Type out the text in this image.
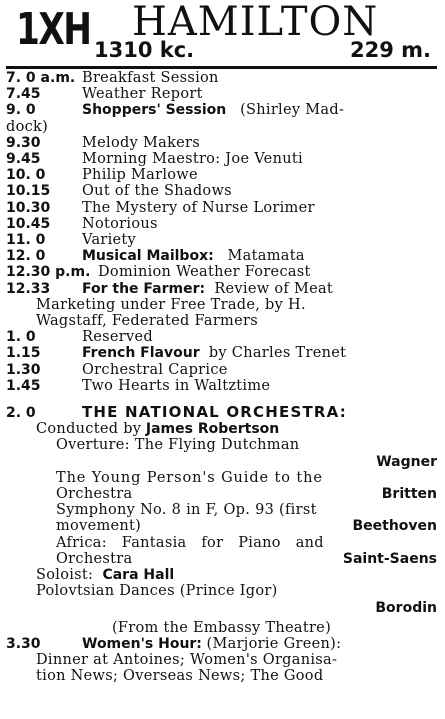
1XH HAMILTON
1310 kc.	229 m.
7. 0 a.m. Breakfast Session
7.45	Weather Report
9. 0	Shoppers' Session (Shirley Mad-
dock)
9.30	Melody Makers
9.45	Morning Maestro: Joe Venuti
10. 0	Philip Marlowe
10.15 Out of the Shadows
10.30 The Mystery of Nurse Lorimer
10.45 Notorious
11. 0	Variety
12. 0	Musical Mailbox: Matamata
12.30 p.m. Dominion Weather Forecast
12.33 For the Farmer: Review of Meat
Marketing under Free Trade, by H.
Wagstaff, Federated Farmers
1. 0	Reserved
1.15	French Flavour by Charles Trenet
1.30	Orchestral Caprice
1.45	Two Hearts in Waltztime
2. 0	THE NATIONAL ORCHESTRA:
Conducted by James Robertson
Overture: The Flying Dutchman
Wagner
The Young Person's Guide to the
Orchestra	Britten
Symphony No. 8 in F, Op. 93 (first
movement)	Beethoven
Africa: Fantasia for Piano and
Orchestra	Saint-Saens
Soloist: Cara Hall
Polovtsian Dances (Prince Igor)
Borodin
(From the Embassy Theatre)
3.30	Women's Hour: (Marjorie Green):
Dinner at Antoines; Women's Organisa-
tion News; Overseas News; The Good
